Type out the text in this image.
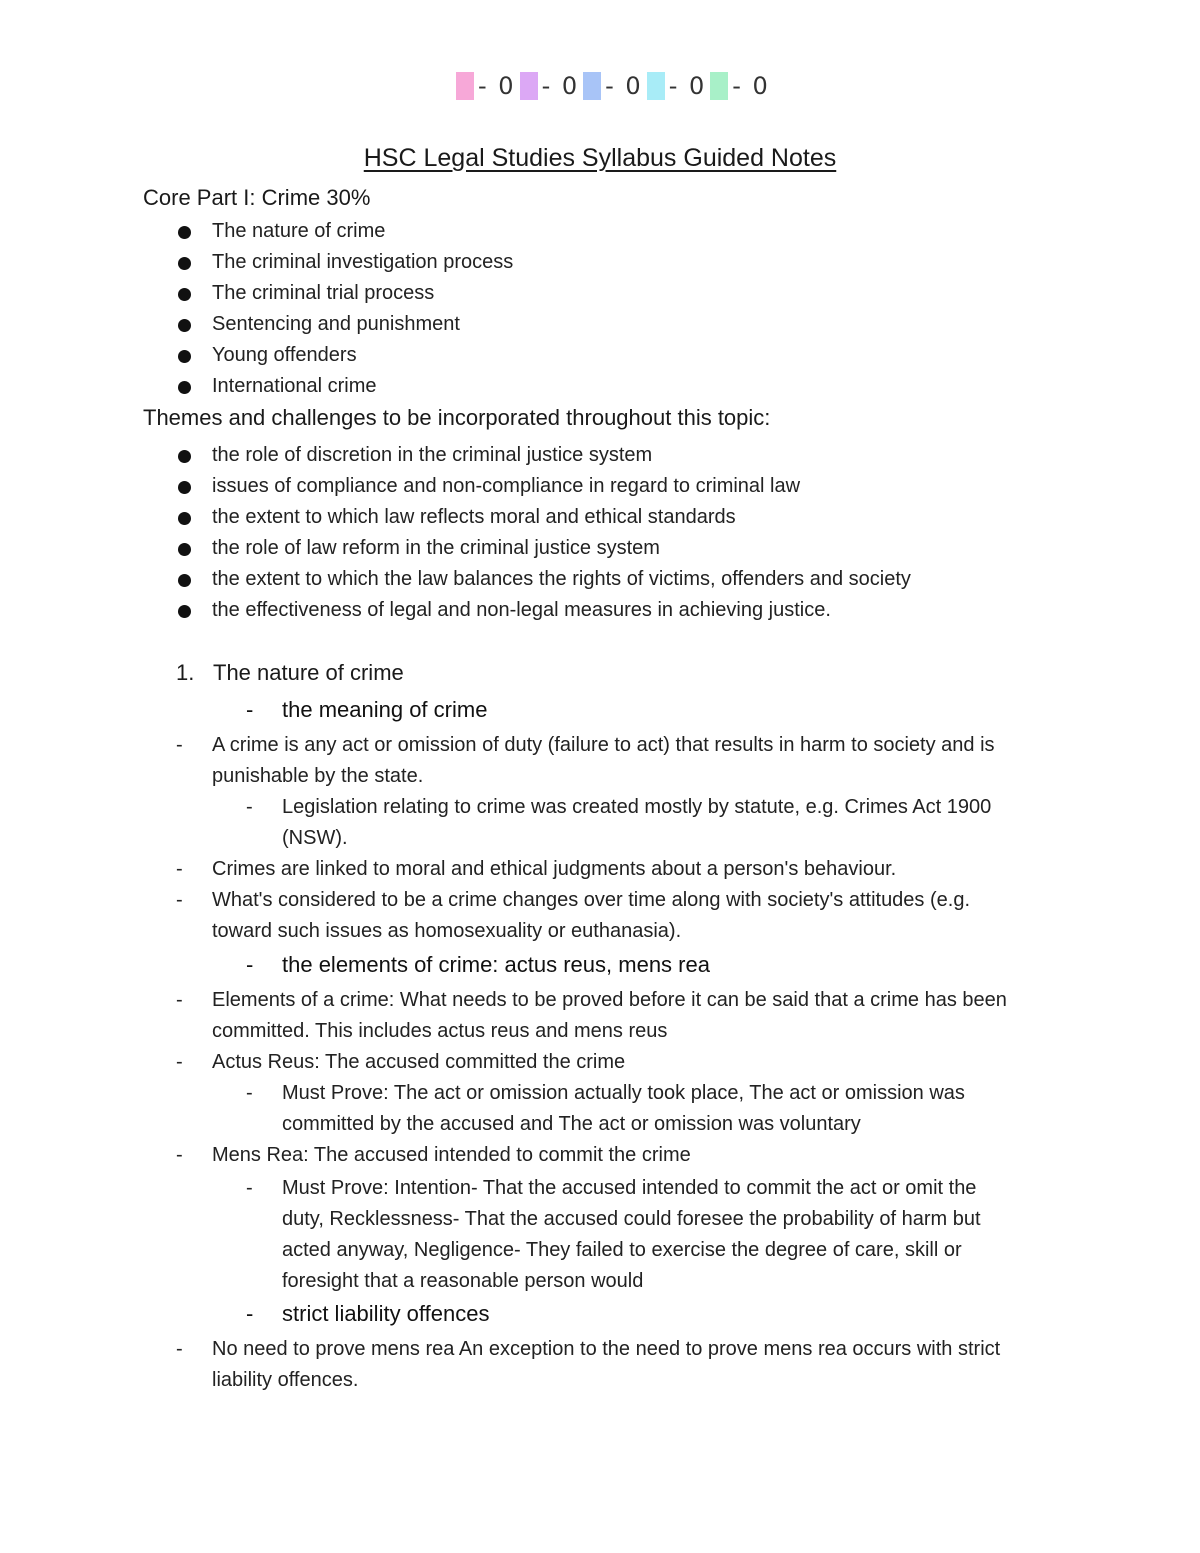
- 0 - 0 - 0 - 0 - 0
HSC Legal Studies Syllabus Guided Notes
Core Part I: Crime 30%
The nature of crime
The criminal investigation process
The criminal trial process
Sentencing and punishment
Young offenders
International crime
Themes and challenges to be incorporated throughout this topic:
the role of discretion in the criminal justice system
issues of compliance and non-compliance in regard to criminal law
the extent to which law reflects moral and ethical standards
the role of law reform in the criminal justice system
the extent to which the law balances the rights of victims, offenders and society
the effectiveness of legal and non-legal measures in achieving justice.
1. The nature of crime
- the meaning of crime
- A crime is any act or omission of duty (failure to act) that results in harm to society and is
punishable by the state.
- Legislation relating to crime was created mostly by statute, e.g. Crimes Act 1900
(NSW).
- Crimes are linked to moral and ethical judgments about a person's behaviour.
- What's considered to be a crime changes over time along with society's attitudes (e.g.
toward such issues as homosexuality or euthanasia).
- the elements of crime: actus reus, mens rea
- Elements of a crime: What needs to be proved before it can be said that a crime has been
committed. This includes actus reus and mens reus
- Actus Reus: The accused committed the crime
- Must Prove: The act or omission actually took place, The act or omission was
committed by the accused and The act or omission was voluntary
- Mens Rea: The accused intended to commit the crime
- Must Prove: Intention- That the accused intended to commit the act or omit the
duty, Recklessness- That the accused could foresee the probability of harm but
acted anyway, Negligence- They failed to exercise the degree of care, skill or
foresight that a reasonable person would
- strict liability offences
- No need to prove mens rea An exception to the need to prove mens rea occurs with strict
liability offences.
